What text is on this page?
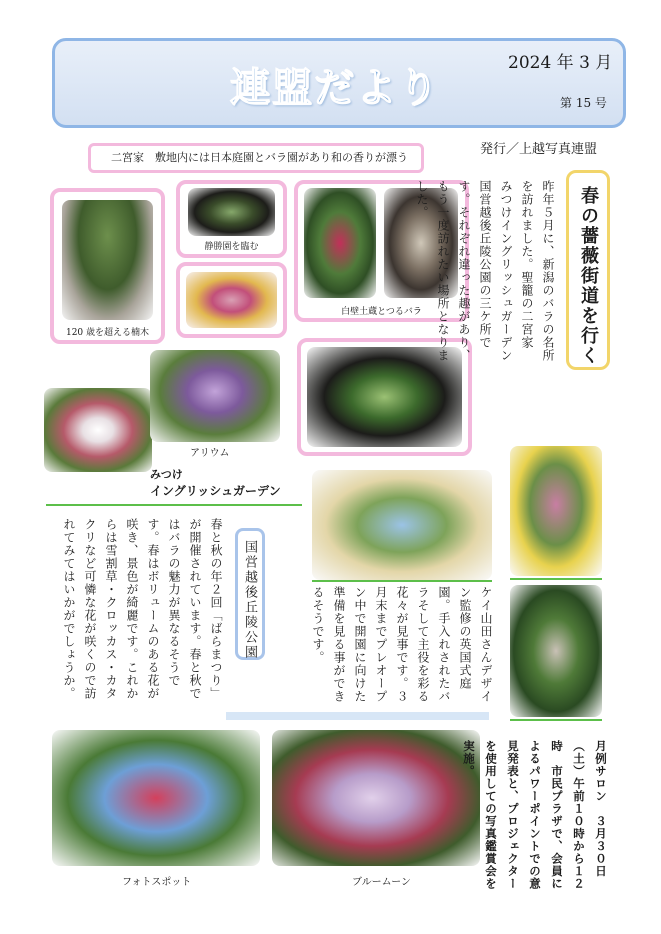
連盟だより
2024 年 3 月
第 15 号
発行／上越写真連盟
二宮家　敷地内には日本庭園とバラ園があり和の香りが漂う
120 歳を超える楠木
静勝園を臨む
白壁土蔵とつるバラ	春の薔薇街道を行く
昨年５月に、新潟のバラの名所を訪れました。聖籠の二宮家　みつけイングリッシュガーデン　国営越後丘陵公園の三ケ所です。それぞれ違った趣があり、もう一度訪れたい場所となりました。
アリウム
みつけ
イングリッシュガーデン
ケイ山田さんデザイン監修の英国式庭園。手入れされたバラそして主役を彩る花々が見事です。３月末までプレオープン中で開園に向けた準備を見る事ができるそうです。
国営越後丘陵公園
春と秋の年２回「ばらまつり」が開催されています。春と秋ではバラの魅力が異なるそうです。春はボリュームのある花が咲き、景色が綺麗です。これからは雪割草・クロッカス・カタクリなど可憐な花が咲くので訪れてみてはいかがでしょうか。
フォトスポット	ブルームーン
月例サロン　３月３０日（土）午前１０時から１２時　市民プラザで、会員によるパワーポイントでの意見発表と、プロジェクターを使用しての写真鑑賞会を実施。
